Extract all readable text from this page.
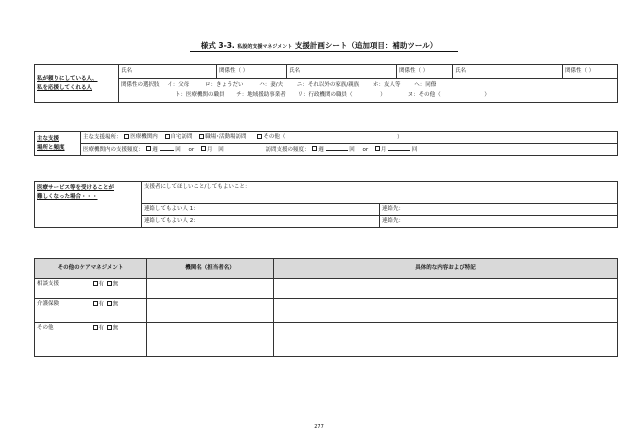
様式 3-3. 私設的支援マネジメント 支援計画シート（追加項目：補助ツール）
私が頼りにしている人、
私を応援してくれる人
	氏名	関係性（ ）	氏名	関係性（ ）	氏名	関係性（ ）

関係性の選択肢 イ：父母	ロ：きょうだい	ハ：妻/夫	ニ：それ以外の家族/親族	ホ：友人等	ヘ：同僚
ト：医療機関の職員 チ：地域援助事業者 リ：行政機関の職員（	）	ヌ：その他（	）
主な支援
場所と頻度
	主な支援場所： 医療機関内 自宅訪問 職場･活動場訪問	その他（	）
医療機関内の支援頻度： 週	回 or 月 回	訪問支援の頻度： 週	回 or 月	回
医療サービス等を受けることが
難しくなった場合・・・	支援者にしてほしいこと/してもよいこと：	
	連絡してもよい人 1：	連絡先：
	連絡してもよい人 2：	連絡先：
その他のケアマネジメント		機関名（担当者名）	具体的な内容および特記
相談支援	有 無		
介護保険	有 無		
その他	有 無		
277
